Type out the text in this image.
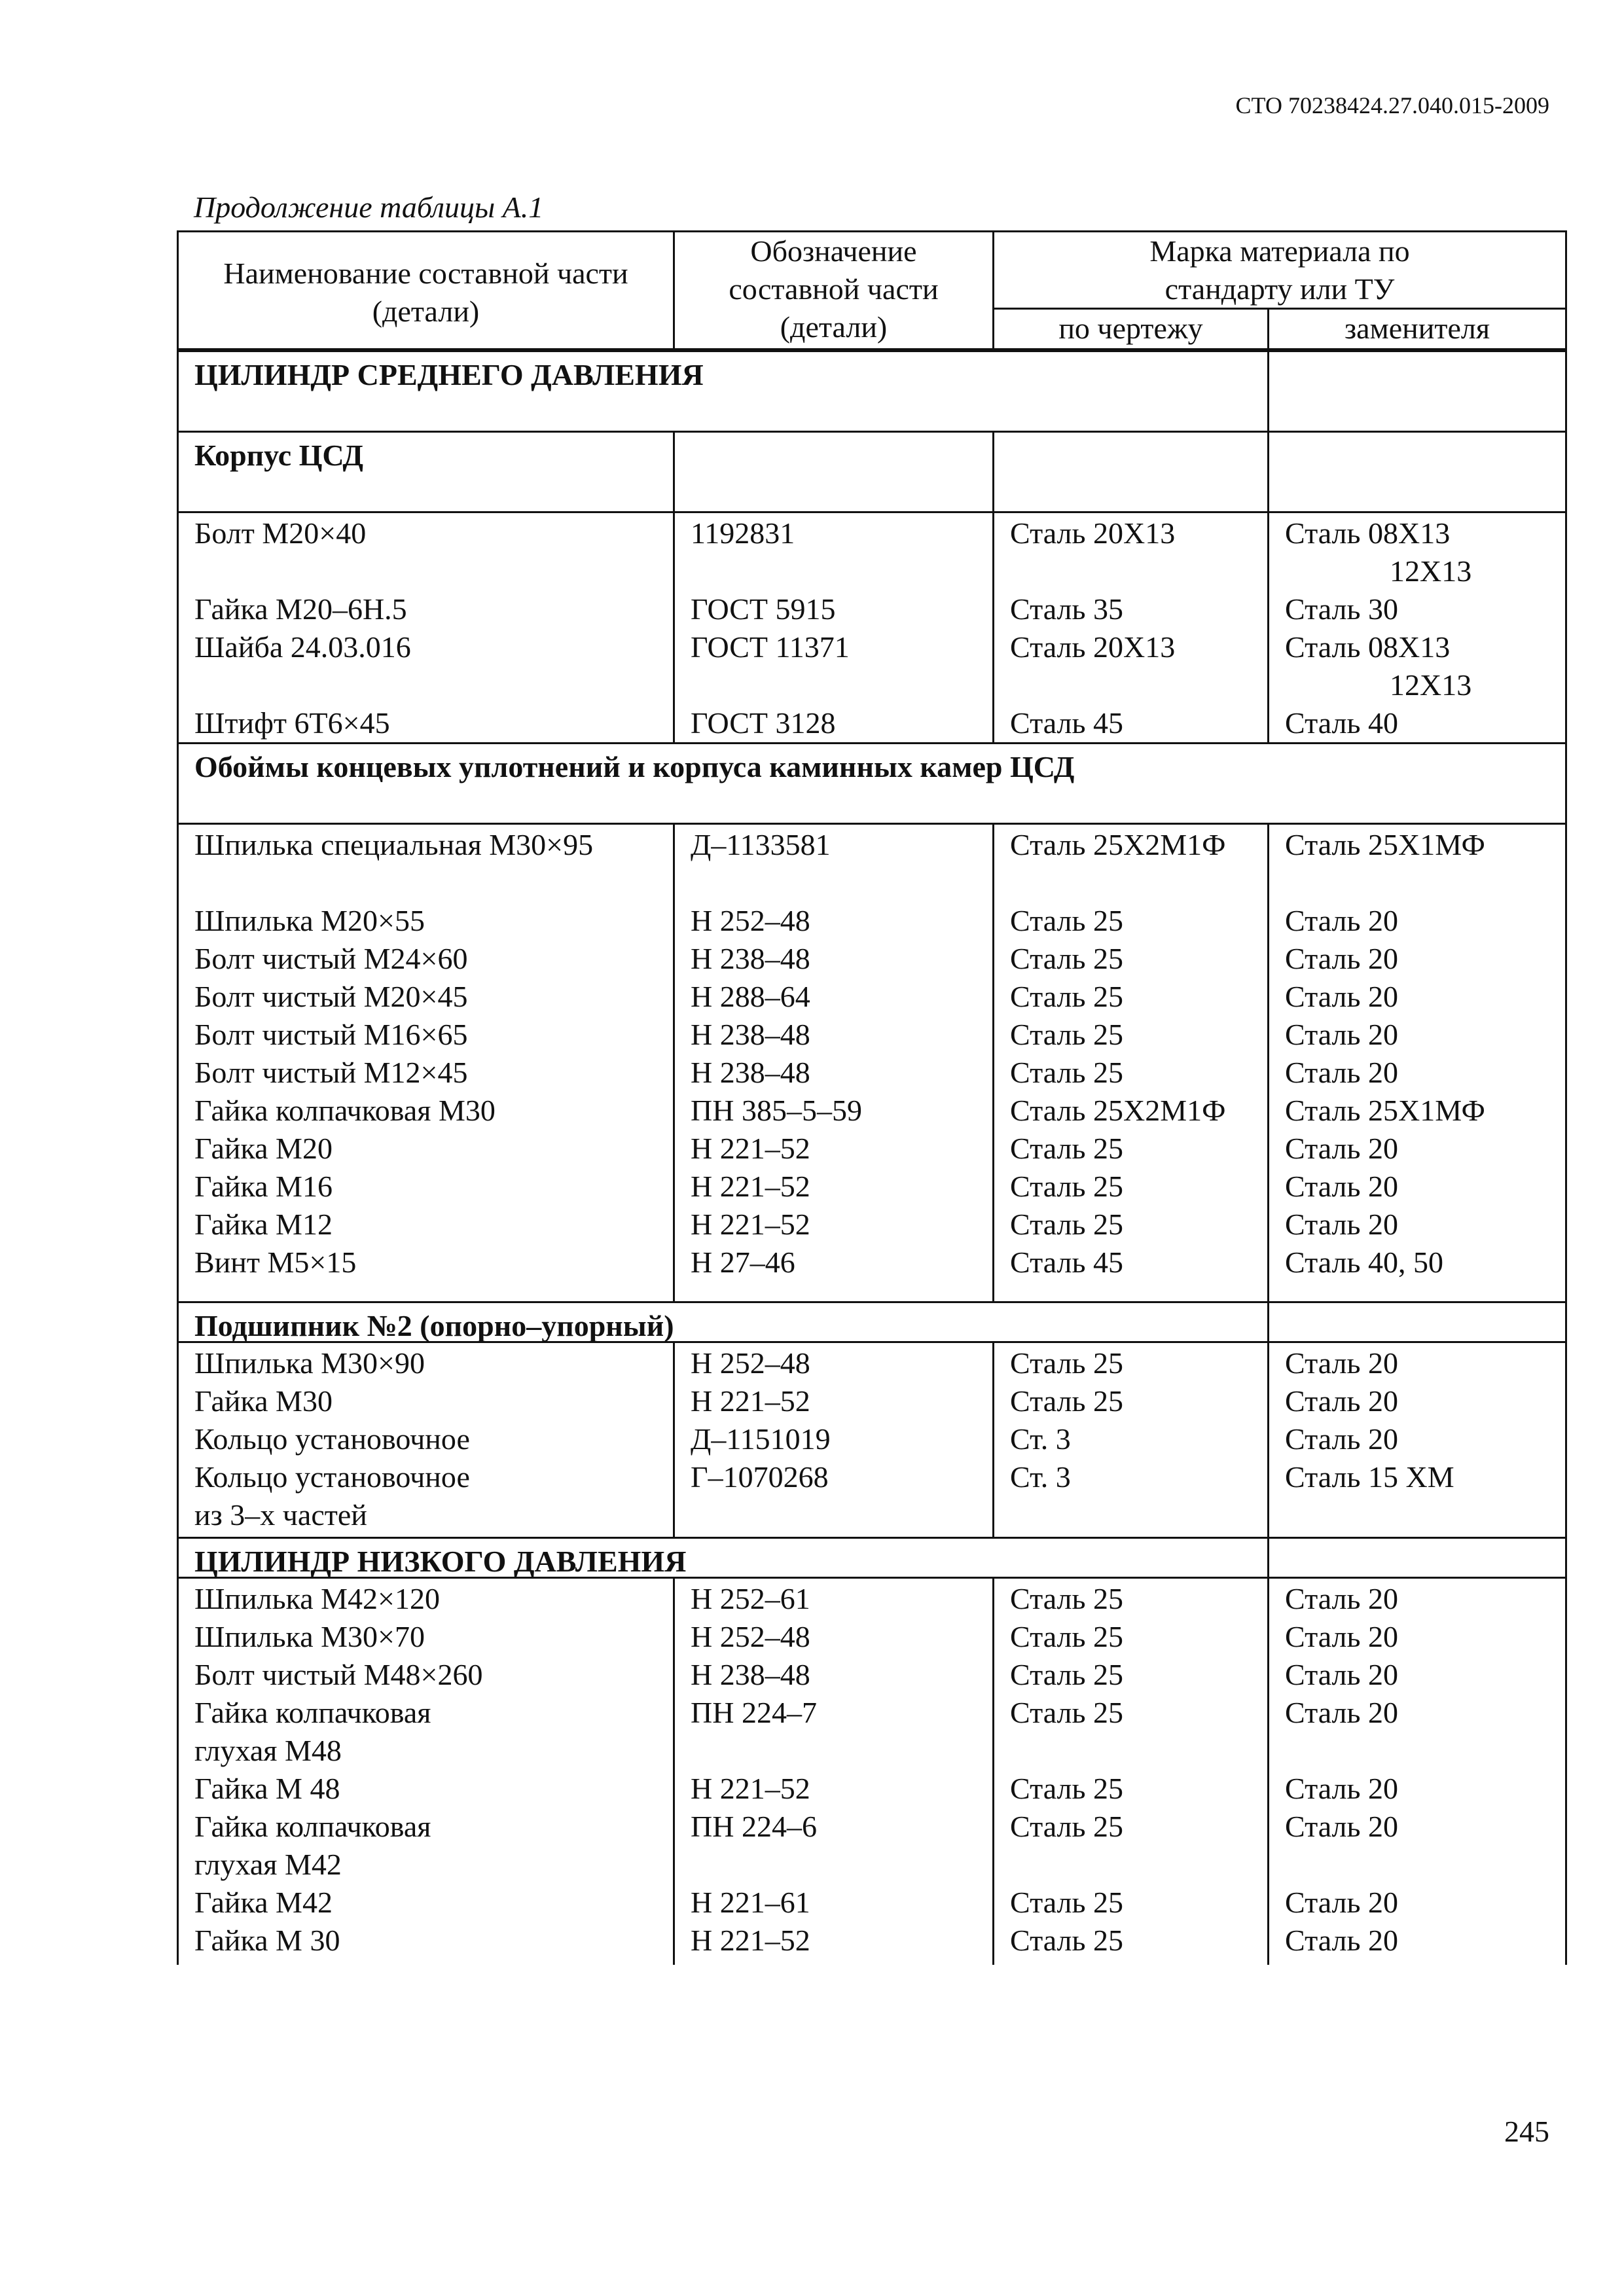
СТО 70238424.27.040.015-2009
Продолжение таблицы А.1
Наименование составной части (детали)
Обозначение составной части (детали)
Марка материала по стандарту или ТУ
по чертежу	заменителя
ЦИЛИНДР СРЕДНЕГО ДАВЛЕНИЯ
Корпус ЦСД
Болт М20×40
Гайка М20–6Н.5
Шайба 24.03.016
Штифт 6Т6×45
1192831
ГОСТ 5915
ГОСТ 11371
ГОСТ 3128
Сталь 20Х13
Сталь 35
Сталь 20Х13
Сталь 45
Сталь 08Х13
12Х13
Сталь 30
Сталь 08Х13
12Х13
Сталь 40
Обоймы концевых уплотнений и корпуса каминных камер ЦСД
Шпилька специальная М30×95
Шпилька М20×55
Болт чистый М24×60
Болт чистый М20×45
Болт чистый М16×65
Болт чистый М12×45
Гайка колпачковая М30
Гайка М20
Гайка М16
Гайка М12
Винт М5×15
Д–1133581
Н 252–48
Н 238–48
Н 288–64
Н 238–48
Н 238–48
ПН 385–5–59
Н 221–52
Н 221–52
Н 221–52
Н 27–46
Сталь 25Х2М1Ф
Сталь 25
Сталь 25
Сталь 25
Сталь 25
Сталь 25
Сталь 25Х2М1Ф
Сталь 25
Сталь 25
Сталь 25
Сталь 45
Сталь 25Х1МФ
Сталь 20
Сталь 20
Сталь 20
Сталь 20
Сталь 20
Сталь 25Х1МФ
Сталь 20
Сталь 20
Сталь 20
Сталь 40, 50
Подшипник №2 (опорно–упорный)
Шпилька М30×90
Гайка М30
Кольцо установочное
Кольцо установочное
из 3–х частей
Н 252–48
Н 221–52
Д–1151019
Г–1070268
Сталь 25
Сталь 25
Ст. 3
Ст. 3
Сталь 20
Сталь 20
Сталь 20
Сталь 15 ХМ
ЦИЛИНДР НИЗКОГО ДАВЛЕНИЯ
Шпилька М42×120
Шпилька М30×70
Болт чистый М48×260
Гайка колпачковая
глухая М48
Гайка М 48
Гайка колпачковая
глухая М42
Гайка М42
Гайка М 30
Н 252–61
Н 252–48
Н 238–48
ПН 224–7
Н 221–52
ПН 224–6
Н 221–61
Н 221–52
Сталь 25
Сталь 25
Сталь 25
Сталь 25
Сталь 25
Сталь 25
Сталь 25
Сталь 25
Сталь 20
Сталь 20
Сталь 20
Сталь 20
Сталь 20
Сталь 20
Сталь 20
Сталь 20
245
